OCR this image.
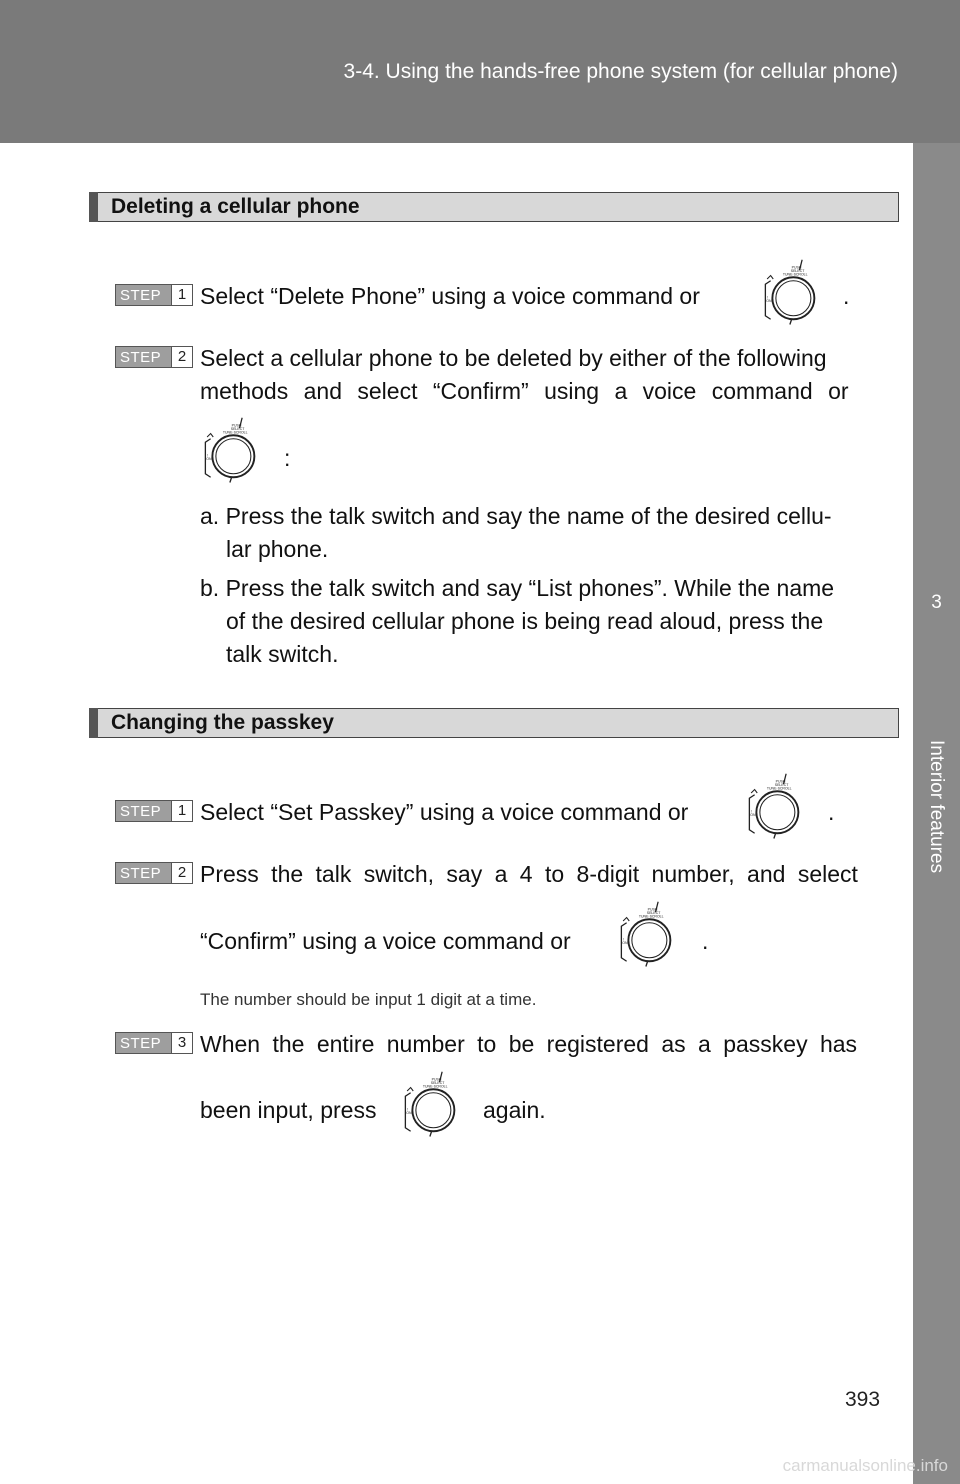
3-4. Using the hands-free phone system (for cellular phone)
3
Interior features
Deleting a cellular phone
STEP	1 Select “Delete Phone” using a voice command or	.
STEP	2 Select a cellular phone to be deleted by either of the following
methods and select “Confirm” using a voice command or
:
a. Press the talk switch and say the name of the desired cellu-
lar phone.
b. Press the talk switch and say “List phones”. While the name
of the desired cellular phone is being read aloud, press the
talk switch.
Changing the passkey
STEP	1 Select “Set Passkey” using a voice command or	.
STEP	2 Press the talk switch, say a 4 to 8-digit number, and select
“Confirm” using a voice command or	.
The number should be input 1 digit at a time.
STEP	3 When the entire number to be registered as a passkey has
been input, press	again.
393
carmanualsonline.info
